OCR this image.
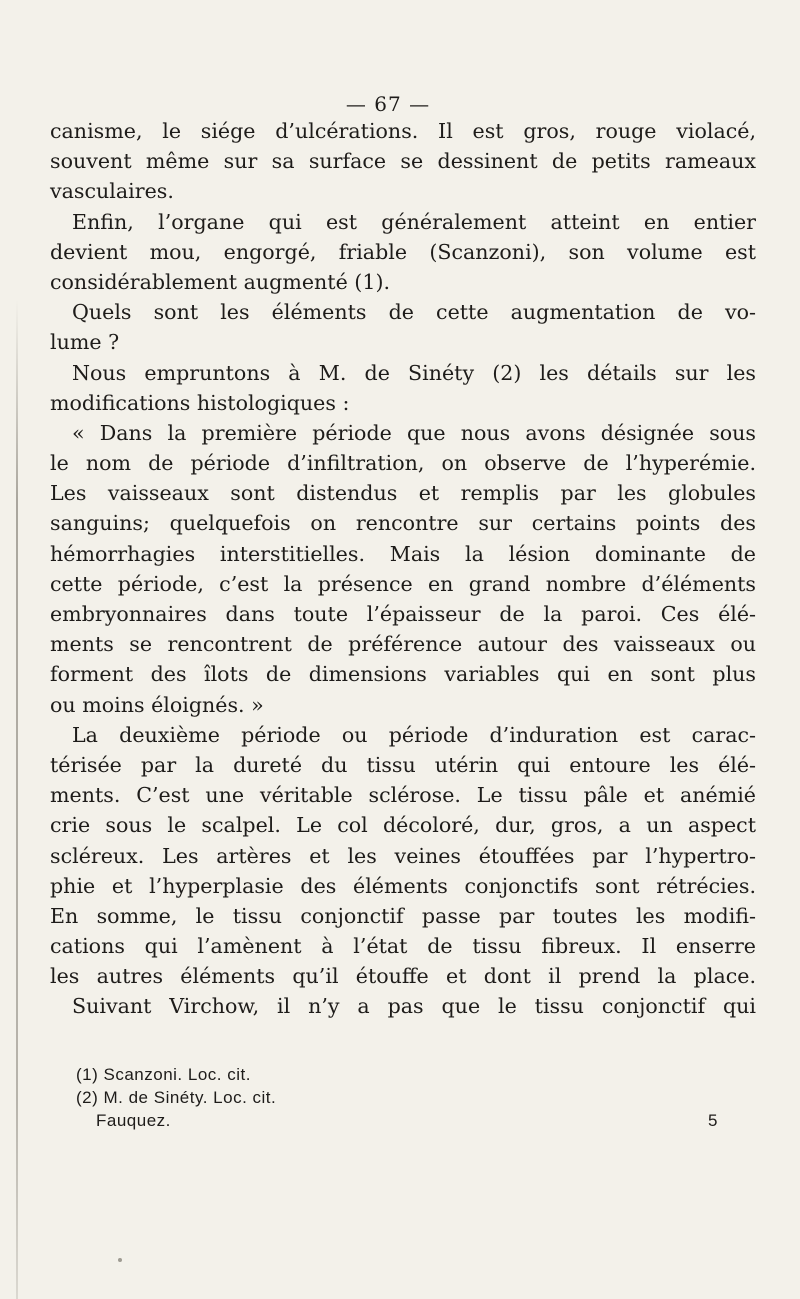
— 67 —
canisme, le siége d’ulcérations. Il est gros, rouge violacé,
souvent même sur sa surface se dessinent de petits rameaux
vasculaires.
Enfin, l’organe qui est généralement atteint en entier
devient mou, engorgé, friable (Scanzoni), son volume est
considérablement augmenté (1).
Quels sont les éléments de cette augmentation de vo-
lume ?
Nous empruntons à M. de Sinéty (2) les détails sur les
modifications histologiques :
« Dans la première période que nous avons désignée sous
le nom de période d’infiltration, on observe de l’hyperémie.
Les vaisseaux sont distendus et remplis par les globules
sanguins; quelquefois on rencontre sur certains points des
hémorrhagies interstitielles. Mais la lésion dominante de
cette période, c’est la présence en grand nombre d’éléments
embryonnaires dans toute l’épaisseur de la paroi. Ces élé-
ments se rencontrent de préférence autour des vaisseaux ou
forment des îlots de dimensions variables qui en sont plus
ou moins éloignés. »
La deuxième période ou période d’induration est carac-
térisée par la dureté du tissu utérin qui entoure les élé-
ments. C’est une véritable sclérose. Le tissu pâle et anémié
crie sous le scalpel. Le col décoloré, dur, gros, a un aspect
scléreux. Les artères et les veines étouffées par l’hypertro-
phie et l’hyperplasie des éléments conjonctifs sont rétrécies.
En somme, le tissu conjonctif passe par toutes les modifi-
cations qui l’amènent à l’état de tissu fibreux. Il enserre
les autres éléments qu’il étouffe et dont il prend la place.
Suivant Virchow, il n’y a pas que le tissu conjonctif qui
(1) Scanzoni. Loc. cit.
(2) M. de Sinéty. Loc. cit.
Fauquez.	5
